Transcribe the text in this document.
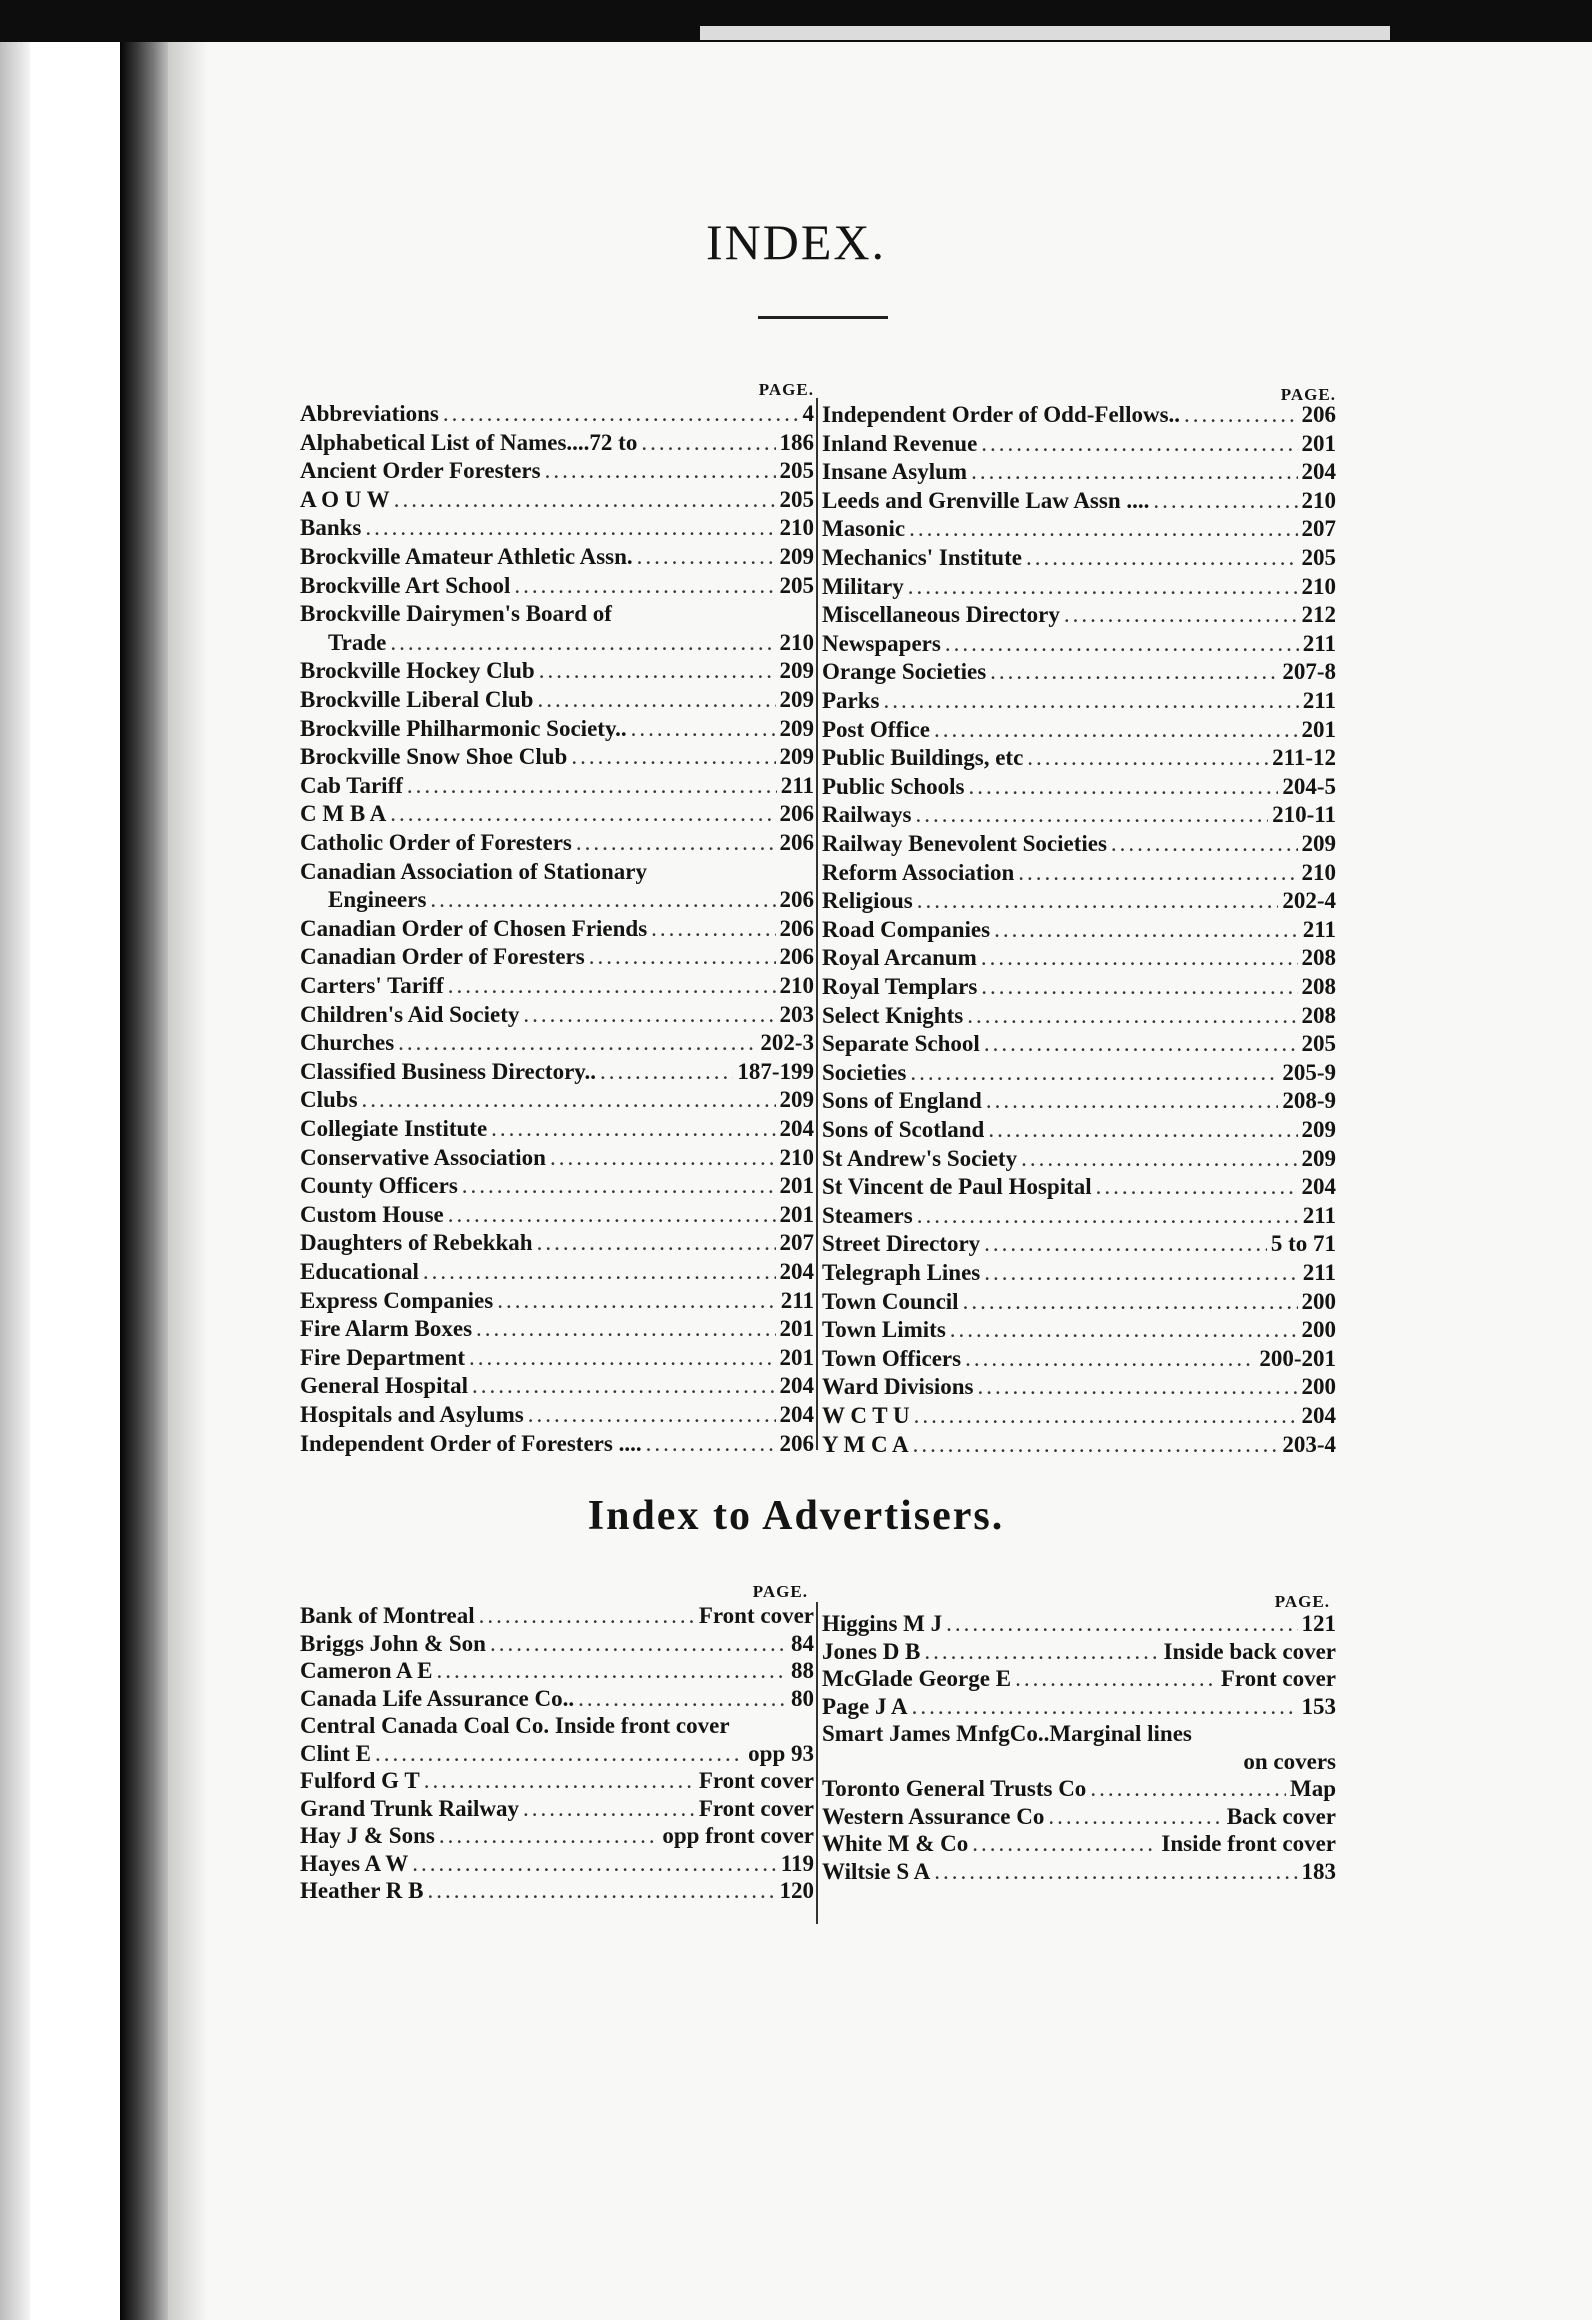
INDEX.
PAGE.
Abbreviations .....	4
Alphabetical List of Names....72 to .....	186
Ancient Order Foresters .....	205
A O U W .....	205
Banks .....	210
Brockville Amateur Athletic Assn. .....	209
Brockville Art School .....	205
Brockville Dairymen's Board of
Trade .....	210
Brockville Hockey Club .....	209
Brockville Liberal Club .....	209
Brockville Philharmonic Society.. .....	209
Brockville Snow Shoe Club .....	209
Cab Tariff .....	211
C M B A .....	206
Catholic Order of Foresters .....	206
Canadian Association of Stationary
Engineers .....	206
Canadian Order of Chosen Friends .....	206
Canadian Order of Foresters .....	206
Carters' Tariff .....	210
Children's Aid Society .....	203
Churches .....	202-3
Classified Business Directory.. .....	187-199
Clubs .....	209
Collegiate Institute .....	204
Conservative Association .....	210
County Officers .....	201
Custom House .....	201
Daughters of Rebekkah .....	207
Educational .....	204
Express Companies .....	211
Fire Alarm Boxes .....	201
Fire Department .....	201
General Hospital .....	204
Hospitals and Asylums .....	204
Independent Order of Foresters .... .....	206
PAGE.
Independent Order of Odd-Fellows.. .....	206
Inland Revenue .....	201
Insane Asylum .....	204
Leeds and Grenville Law Assn .... .....	210
Masonic .....	207
Mechanics' Institute .....	205
Military .....	210
Miscellaneous Directory .....	212
Newspapers .....	211
Orange Societies .....	207-8
Parks .....	211
Post Office .....	201
Public Buildings, etc .....	211-12
Public Schools .....	204-5
Railways .....	210-11
Railway Benevolent Societies .....	209
Reform Association .....	210
Religious .....	202-4
Road Companies .....	211
Royal Arcanum .....	208
Royal Templars .....	208
Select Knights .....	208
Separate School .....	205
Societies .....	205-9
Sons of England .....	208-9
Sons of Scotland .....	209
St Andrew's Society .....	209
St Vincent de Paul Hospital .....	204
Steamers .....	211
Street Directory .....	5 to 71
Telegraph Lines .....	211
Town Council .....	200
Town Limits .....	200
Town Officers .....	200-201
Ward Divisions .....	200
W C T U .....	204
Y M C A .....	203-4
Index to Advertisers.
PAGE.
Bank of Montreal .....	Front cover
Briggs John & Son .....	84
Cameron A E .....	88
Canada Life Assurance Co.. .....	80
Central Canada Coal Co. Inside front cover
Clint E .....	opp 93
Fulford G T .....	Front cover
Grand Trunk Railway .....	Front cover
Hay J & Sons .....	opp front cover
Hayes A W .....	119
Heather R B .....	120
PAGE.
Higgins M J .....	121
Jones D B .....	Inside back cover
McGlade George E .....	Front cover
Page J A .....	153
Smart James MnfgCo..Marginal lines
on covers
Toronto General Trusts Co .....	Map
Western Assurance Co .....	Back cover
White M & Co .....	Inside front cover
Wiltsie S A .....	183
